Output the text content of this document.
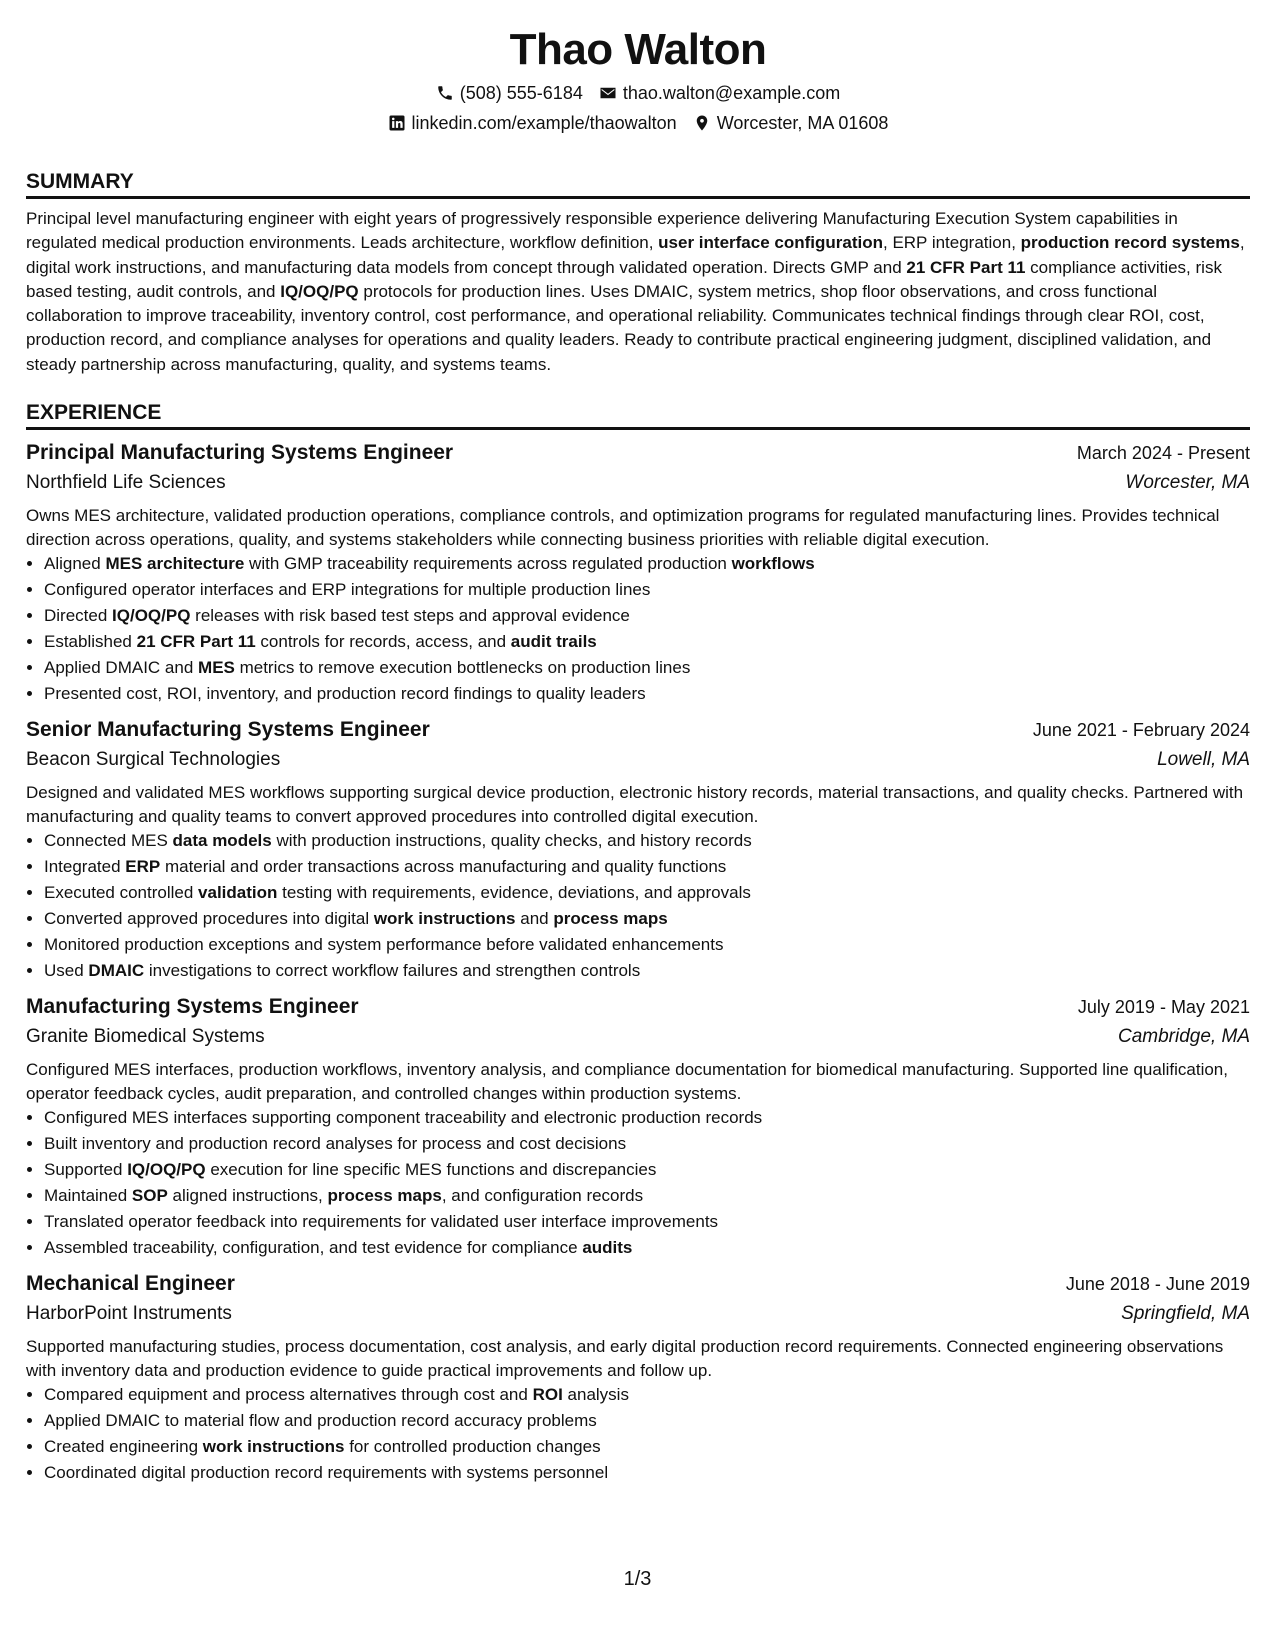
Thao Walton
(508) 555-6184 thao.walton@example.com
linkedin.com/example/thaowalton Worcester, MA 01608
SUMMARY

Principal level manufacturing engineer with eight years of progressively responsible experience delivering Manufacturing Execution System capabilities in regulated medical production environments. Leads architecture, workflow definition, user interface configuration, ERP integration, production record systems, digital work instructions, and manufacturing data models from concept through validated operation. Directs GMP and 21 CFR Part 11 compliance activities, risk based testing, audit controls, and IQ/OQ/PQ protocols for production lines. Uses DMAIC, system metrics, shop floor observations, and cross functional collaboration to improve traceability, inventory control, cost performance, and operational reliability. Communicates technical findings through clear ROI, cost, production record, and compliance analyses for operations and quality leaders. Ready to contribute practical engineering judgment, disciplined validation, and steady partnership across manufacturing, quality, and systems teams.

EXPERIENCE
Principal Manufacturing Systems Engineer	March 2024 - Present
Northfield Life Sciences	Worcester, MA
Owns MES architecture, validated production operations, compliance controls, and optimization programs for regulated manufacturing lines. Provides technical direction across operations, quality, and systems stakeholders while connecting business priorities with reliable digital execution.
• Aligned MES architecture with GMP traceability requirements across regulated production workflows
• Configured operator interfaces and ERP integrations for multiple production lines
• Directed IQ/OQ/PQ releases with risk based test steps and approval evidence
• Established 21 CFR Part 11 controls for records, access, and audit trails
• Applied DMAIC and MES metrics to remove execution bottlenecks on production lines
• Presented cost, ROI, inventory, and production record findings to quality leaders
Senior Manufacturing Systems Engineer	June 2021 - February 2024
Beacon Surgical Technologies	Lowell, MA
Designed and validated MES workflows supporting surgical device production, electronic history records, material transactions, and quality checks. Partnered with manufacturing and quality teams to convert approved procedures into controlled digital execution.
• Connected MES data models with production instructions, quality checks, and history records
• Integrated ERP material and order transactions across manufacturing and quality functions
• Executed controlled validation testing with requirements, evidence, deviations, and approvals
• Converted approved procedures into digital work instructions and process maps
• Monitored production exceptions and system performance before validated enhancements
• Used DMAIC investigations to correct workflow failures and strengthen controls
Manufacturing Systems Engineer	July 2019 - May 2021
Granite Biomedical Systems	Cambridge, MA
Configured MES interfaces, production workflows, inventory analysis, and compliance documentation for biomedical manufacturing. Supported line qualification, operator feedback cycles, audit preparation, and controlled changes within production systems.
• Configured MES interfaces supporting component traceability and electronic production records
• Built inventory and production record analyses for process and cost decisions
• Supported IQ/OQ/PQ execution for line specific MES functions and discrepancies
• Maintained SOP aligned instructions, process maps, and configuration records
• Translated operator feedback into requirements for validated user interface improvements
• Assembled traceability, configuration, and test evidence for compliance audits
Mechanical Engineer	June 2018 - June 2019
HarborPoint Instruments	Springfield, MA
Supported manufacturing studies, process documentation, cost analysis, and early digital production record requirements. Connected engineering observations with inventory data and production evidence to guide practical improvements and follow up.
• Compared equipment and process alternatives through cost and ROI analysis
• Applied DMAIC to material flow and production record accuracy problems
• Created engineering work instructions for controlled production changes
• Coordinated digital production record requirements with systems personnel
1/3
